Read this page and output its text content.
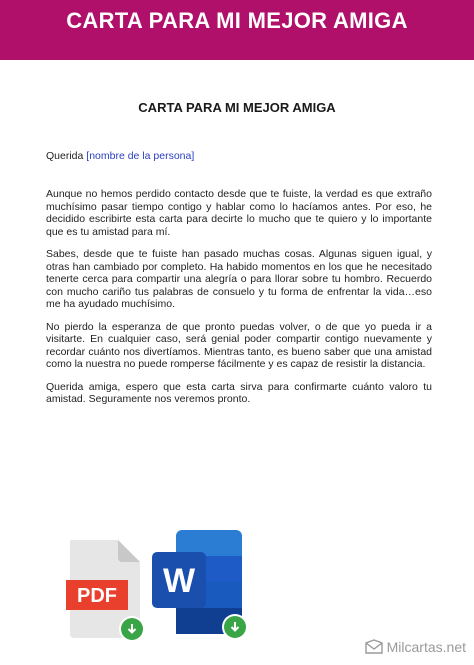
CARTA PARA MI MEJOR AMIGA
CARTA PARA MI MEJOR AMIGA
Querida [nombre de la persona]

Aunque no hemos perdido contacto desde que te fuiste, la verdad es que extraño muchísimo pasar tiempo contigo y hablar como lo hacíamos antes. Por eso, he decidido escribirte esta carta para decirte lo mucho que te quiero y lo importante que es tu amistad para mí.

Sabes, desde que te fuiste han pasado muchas cosas. Algunas siguen igual, y otras han cambiado por completo. Ha habido momentos en los que he necesitado tenerte cerca para compartir una alegría o para llorar sobre tu hombro. Recuerdo con mucho cariño tus palabras de consuelo y tu forma de enfrentar la vida…eso me ha ayudado muchísimo.

No pierdo la esperanza de que pronto puedas volver, o de que yo pueda ir a visitarte. En cualquier caso, será genial poder compartir contigo nuevamente y recordar cuánto nos divertíamos. Mientras tanto, es bueno saber que una amistad como la nuestra no puede romperse fácilmente y es capaz de resistir la distancia.

Querida amiga, espero que esta carta sirva para confirmarte cuánto valoro tu amistad. Seguramente nos veremos pronto.

PDF W
Milcartas.net
